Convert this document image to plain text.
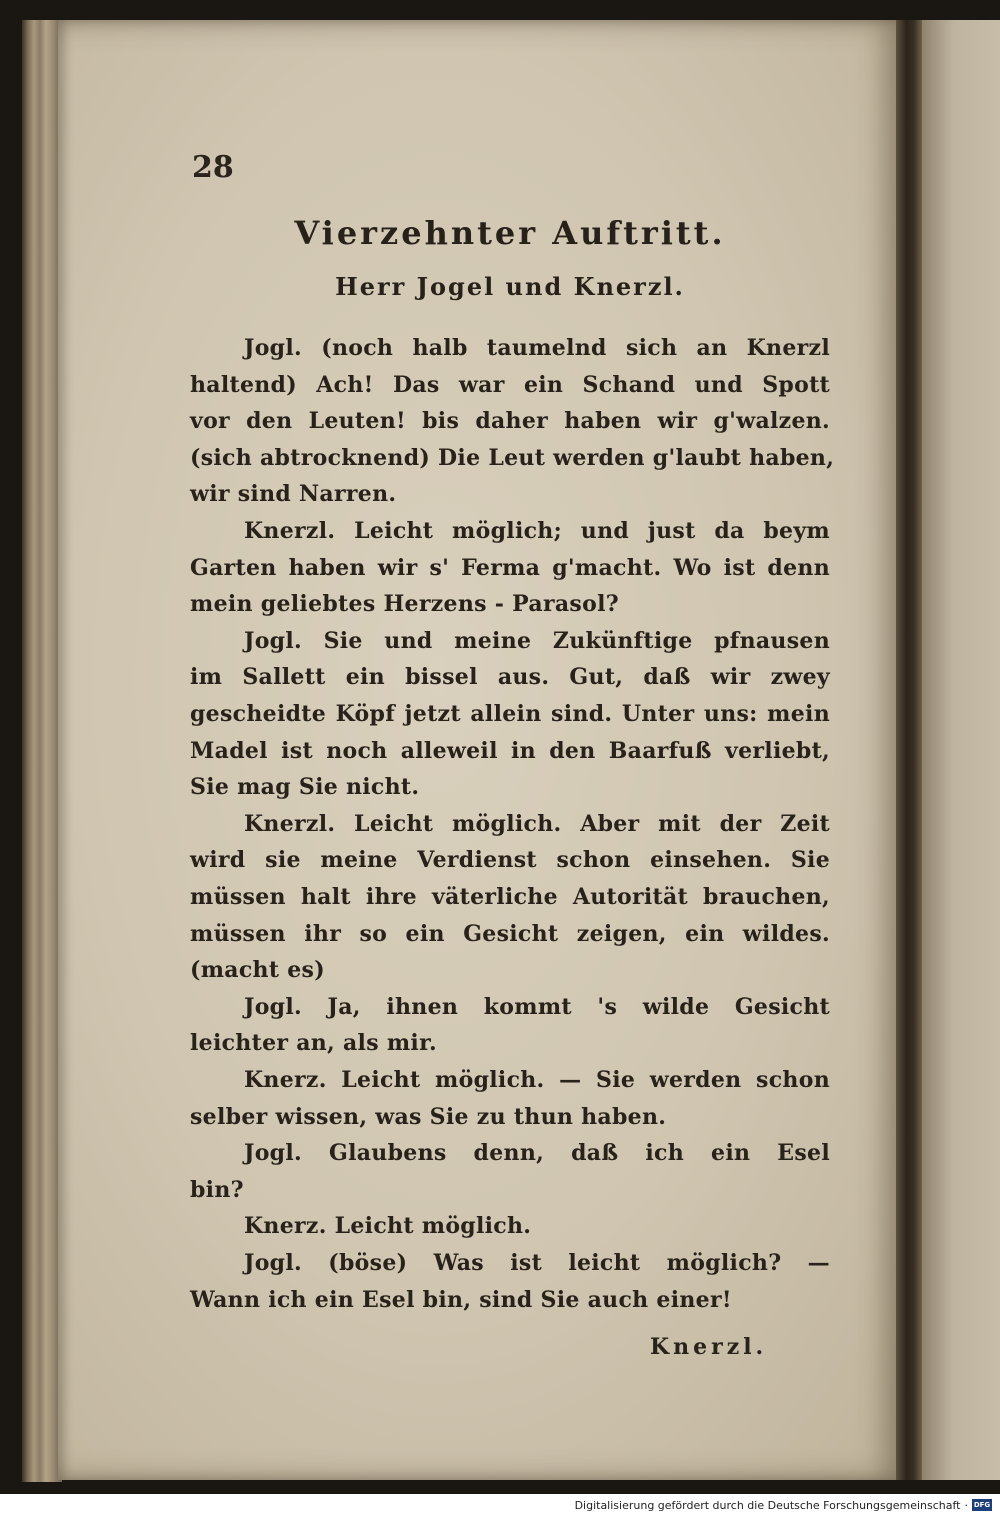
28
Vierzehnter Auftritt.
Herr Jogel und Knerzl.
Jogl. (noch halb taumelnd sich an Knerzl
haltend) Ach! Das war ein Schand und Spott
vor den Leuten! bis daher haben wir g'walzen.
(sich abtrocknend) Die Leut werden g'laubt haben,
wir sind Narren.
Knerzl. Leicht möglich; und just da beym
Garten haben wir s' Ferma g'macht. Wo ist denn
mein geliebtes Herzens - Parasol?
Jogl. Sie und meine Zukünftige pfnausen
im Sallett ein bissel aus. Gut, daß wir zwey
gescheidte Köpf jetzt allein sind. Unter uns: mein
Madel ist noch alleweil in den Baarfuß verliebt,
Sie mag Sie nicht.
Knerzl. Leicht möglich. Aber mit der Zeit
wird sie meine Verdienst schon einsehen. Sie
müssen halt ihre väterliche Autorität brauchen,
müssen ihr so ein Gesicht zeigen, ein wildes.
(macht es)
Jogl. Ja, ihnen kommt 's wilde Gesicht
leichter an, als mir.
Knerz. Leicht möglich. — Sie werden schon
selber wissen, was Sie zu thun haben.
Jogl. Glaubens denn, daß ich ein Esel
bin?
Knerz. Leicht möglich.
Jogl. (böse) Was ist leicht möglich? —
Wann ich ein Esel bin, sind Sie auch einer!
Knerzl.
Digitalisierung gefördert durch die Deutsche Forschungsgemeinschaft · DFG
